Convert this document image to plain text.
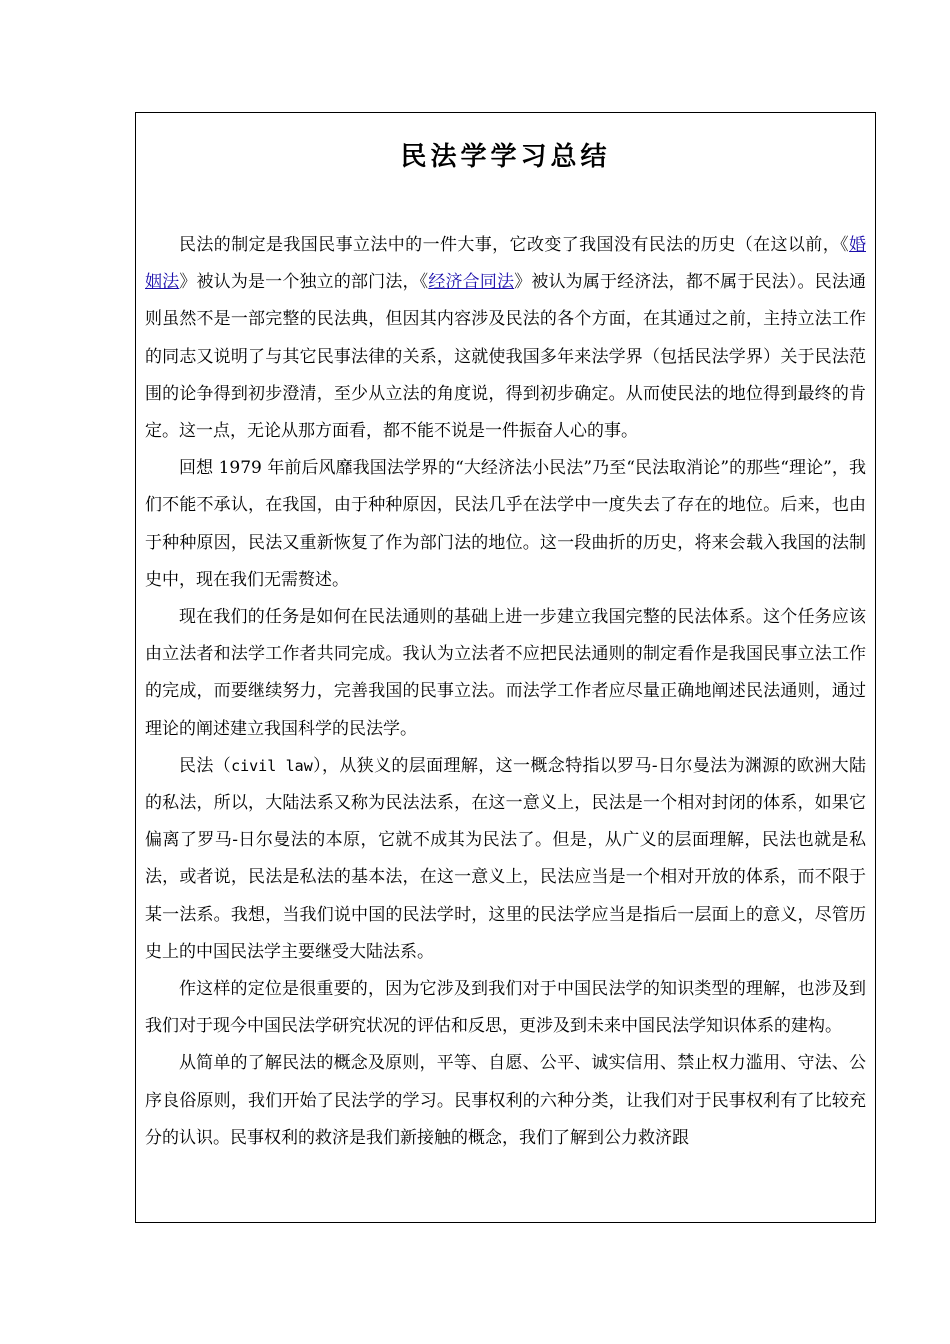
民法学学习总结

民法的制定是我国民事立法中的一件大事，它改变了我国没有民法的历史（在这以前，《婚姻法》被认为是一个独立的部门法，《经济合同法》被认为属于经济法，都不属于民法）。民法通则虽然不是一部完整的民法典，但因其内容涉及民法的各个方面，在其通过之前，主持立法工作的同志又说明了与其它民事法律的关系，这就使我国多年来法学界（包括民法学界）关于民法范围的论争得到初步澄清，至少从立法的角度说，得到初步确定。从而使民法的地位得到最终的肯定。这一点，无论从那方面看，都不能不说是一件振奋人心的事。

回想 1979 年前后风靡我国法学界的“大经济法小民法”乃至“民法取消论”的那些“理论”，我们不能不承认，在我国，由于种种原因，民法几乎在法学中一度失去了存在的地位。后来，也由于种种原因，民法又重新恢复了作为部门法的地位。这一段曲折的历史，将来会载入我国的法制史中，现在我们无需赘述。

现在我们的任务是如何在民法通则的基础上进一步建立我国完整的民法体系。这个任务应该由立法者和法学工作者共同完成。我认为立法者不应把民法通则的制定看作是我国民事立法工作的完成，而要继续努力，完善我国的民事立法。而法学工作者应尽量正确地阐述民法通则，通过理论的阐述建立我国科学的民法学。

民法（civil law），从狭义的层面理解，这一概念特指以罗马-日尔曼法为渊源的欧洲大陆的私法，所以，大陆法系又称为民法法系，在这一意义上，民法是一个相对封闭的体系，如果它偏离了罗马-日尔曼法的本原，它就不成其为民法了。但是，从广义的层面理解，民法也就是私法，或者说，民法是私法的基本法，在这一意义上，民法应当是一个相对开放的体系，而不限于某一法系。我想，当我们说中国的民法学时，这里的民法学应当是指后一层面上的意义，尽管历史上的中国民法学主要继受大陆法系。

作这样的定位是很重要的，因为它涉及到我们对于中国民法学的知识类型的理解，也涉及到我们对于现今中国民法学研究状况的评估和反思，更涉及到未来中国民法学知识体系的建构。

从简单的了解民法的概念及原则，平等、自愿、公平、诚实信用、禁止权力滥用、守法、公序良俗原则，我们开始了民法学的学习。民事权利的六种分类，让我们对于民事权利有了比较充分的认识。民事权利的救济是我们新接触的概念，我们了解到公力救济跟
